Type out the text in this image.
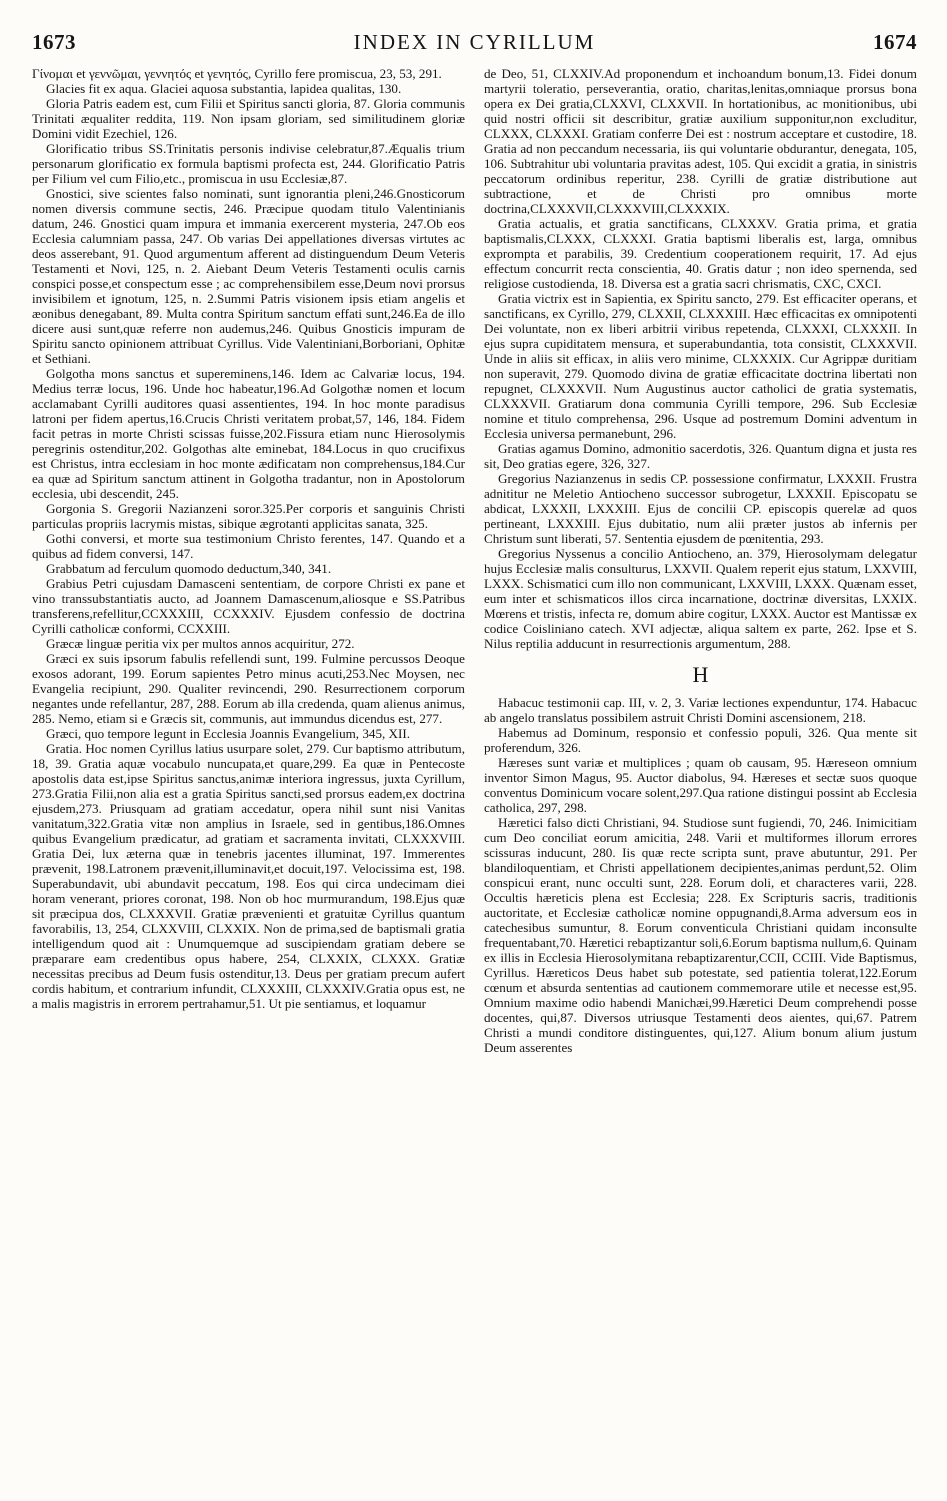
1673	INDEX IN CYRILLUM	1674

Γίνομαι et γεννῶμαι, γεννητός et γενητός, Cyrillo fere promiscua, 23, 53, 291.

Glacies fit ex aqua. Glaciei aquosa substantia, lapidea qualitas, 130.

Gloria Patris eadem est, cum Filii et Spiritus sancti gloria, 87. Gloria communis Trinitati æqualiter redditа, 119. Non ipsam gloriam, sed similitudinem gloriæ Domini vidit Ezechiel, 126.

Glorificatio tribus SS.Trinitatis personis indivise celebratur,87.Æqualis trium personarum glorificatio ex formula baptismi profecta est, 244. Glorificatio Patris per Filium vel cum Filio,etc., promiscua in usu Ecclesiæ,87.

Gnostici, sive scientes falso nominati, sunt ignorantia pleni,246.Gnosticorum nomen diversis commune sectis, 246. Præcipue quodam titulo Valentinianis datum, 246. Gnostici quam impura et immania exercerent mysteria, 247.Ob eos Ecclesia calumniam passa, 247. Ob varias Dei appellationes diversas virtutes ac deos asserebant, 91. Quod argumentum afferent ad distinguendum Deum Veteris Testamenti et Novi, 125, n. 2. Aiebant Deum Veteris Testamenti oculis carnis conspici posse,et conspectum esse ; ac comprehensibilem esse,Deum novi prorsus invisibilem et ignotum, 125, n. 2.Summi Patris visionem ipsis etiam angelis et æonibus denegabant, 89. Multa contra Spiritum sanctum effati sunt,246.Ea de illo dicere ausi sunt,quæ referre non audemus,246. Quibus Gnosticis impuram de Spiritu sancto opinionem attribuat Cyrillus. Vide Valentiniani,Borboriani, Ophitæ et Sethiani.

Golgotha mons sanctus et supereminens,146. Idem ac Calvariæ locus, 194. Medius terræ locus, 196. Unde hoc habeatur,196.Ad Golgothæ nomen et locum acclamabant Cyrilli auditores quasi assentientes, 194. In hoc monte paradisus latroni per fidem apertus,16.Crucis Christi veritatem probat,57, 146, 184. Fidem facit petras in morte Christi scissas fuisse,202.Fissura etiam nunc Hierosolymis peregrinis ostenditur,202. Golgothas alte eminebat, 184.Locus in quo crucifixus est Christus, intra ecclesiam in hoc monte ædificatam non comprehensus,184.Cur ea quæ ad Spiritum sanctum attinent in Golgotha tradantur, non in Apostolorum ecclesia, ubi descendit, 245.

Gorgonia S. Gregorii Nazianzeni soror.325.Per corporis et sanguinis Christi particulas propriis lacrymis mistas, sibique ægrotanti applicitas sanata, 325.

Gothi conversi, et morte sua testimonium Christo ferentes, 147. Quando et a quibus ad fidem conversi, 147.

Grabbatum ad ferculum quomodo deductum,340, 341.

Grabius Petri cujusdam Damasceni sententiam, de corpore Christi ex pane et vino transsubstantiatis aucto, ad Joannem Damascenum,aliosque e SS.Patribus transferens,refellitur,CCXXXIII, CCXXXIV. Ejusdem confessio de doctrina Cyrilli catholicæ conformi, CCXXIII.

Græcæ linguæ peritia vix per multos annos acquiritur, 272.

Græci ex suis ipsorum fabulis refellendi sunt, 199. Fulmine percussos Deoque exosos adorant, 199. Eorum sapientes Petro minus acuti,253.Nec Moysen, nec Evangelia recipiunt, 290. Qualiter revincendi, 290. Resurrectionem corporum negantes unde refellantur, 287, 288. Eorum ab illa credenda, quam alienus animus, 285. Nemo, etiam si e Græcis sit, communis, aut immundus dicendus est, 277.

Græci, quo tempore legunt in Ecclesia Joannis Evangelium, 345, XII.

Gratia. Hoc nomen Cyrillus latius usurpare solet, 279. Cur baptismo attributum, 18, 39. Gratia aquæ vocabulo nuncupata,et quare,299. Ea quæ in Pentecoste apostolis data est,ipse Spiritus sanctus,animæ interiora ingressus, juxta Cyrillum, 273.Gratia Filii,non alia est a gratia Spiritus sancti,sed prorsus eadem,ex doctrina ejusdem,273. Priusquam ad gratiam accedatur, opera nihil sunt nisi Vanitas vanitatum,322.Gratia vitæ non amplius in Israele, sed in gentibus,186.Omnes quibus Evangelium prædicatur, ad gratiam et sacramenta invitati, CLXXXVIII. Gratia Dei, lux æterna quæ in tenebris jacentes illuminat, 197. Immerentes prævenit, 198.Latronem prævenit,illuminavit,et docuit,197. Velocissima est, 198. Superabundavit, ubi abundavit peccatum, 198. Eos qui circa undecimam diei horam venerant, priores coronat, 198. Non ob hoc murmurandum, 198.Ejus quæ sit præcipua dos, CLXXXVII. Gratiæ prævenienti et gratuitæ Cyrillus quantum favorabilis, 13, 254, CLXXVIII, CLXXIX. Non de prima,sed de baptismali gratia intelligendum quod ait : Unumquemque ad suscipiendam gratiam debere se præparare eam credentibus opus habere, 254, CLXXIX, CLXXX. Gratiæ necessitas precibus ad Deum fusis ostenditur,13. Deus per gratiam precum aufert cordis habitum, et contrarium infundit, CLXXXIII, CLXXXIV.Gratia opus est, ne a malis magistris in errorem pertrahamur,51. Ut pie sentiamus, et loquamur

de Deo, 51, CLXXIV.Ad proponendum et inchoandum bonum,13. Fidei donum martyrii toleratio, perseverantia, oratio, charitas,lenitas,omniaque prorsus bona opera ex Dei gratia,CLXXVI, CLXXVII. In hortationibus, ac monitionibus, ubi quid nostri officii sit describitur, gratiæ auxilium supponitur,non excluditur, CLXXX, CLXXXI. Gratiam conferre Dei est : nostrum acceptare et custodire, 18. Gratia ad non peccandum necessaria, iis qui voluntarie obdurantur, denegata, 105, 106. Subtrahitur ubi voluntaria pravitas adest, 105. Qui excidit a gratia, in sinistris peccatorum ordinibus reperitur, 238. Cyrilli de gratiæ distributione aut subtractione, et de Christi pro omnibus morte doctrina,CLXXXVII,CLXXXVIII,CLXXXIX.

Gratia actualis, et gratia sanctificans, CLXXXV. Gratia prima, et gratia baptismalis,CLXXX, CLXXXI. Gratia baptismi liberalis est, larga, omnibus exprompta et parabilis, 39. Credentium cooperationem requirit, 17. Ad ejus effectum concurrit recta conscientia, 40. Gratis datur ; non ideo spernenda, sed religiose custodienda, 18. Diversa est a gratia sacri chrismatis, CXC, CXCI.

Gratia victrix est in Sapientia, ex Spiritu sancto, 279. Est efficaciter operans, et sanctificans, ex Cyrillo, 279, CLXXII, CLXXXIII. Hæc efficacitas ex omnipotenti Dei voluntate, non ex liberi arbitrii viribus repetenda, CLXXXI, CLXXXII. In ejus supra cupiditatem mensura, et superabundantia, tota consistit, CLXXXVII. Unde in aliis sit efficax, in aliis vero minime, CLXXXIX. Cur Agrippæ duritiam non superavit, 279. Quomodo divina de gratiæ efficacitate doctrina libertati non repugnet, CLXXXVII. Num Augustinus auctor catholici de gratia systematis, CLXXXVII. Gratiarum dona communia Cyrilli tempore, 296. Sub Ecclesiæ nomine et titulo comprehensa, 296. Usque ad postremum Domini adventum in Ecclesia universa permanebunt, 296.

Gratias agamus Domino, admonitio sacerdotis, 326. Quantum digna et justa res sit, Deo gratias egere, 326, 327.

Gregorius Nazianzenus in sedis CP. possessione confirmatur, LXXXII. Frustra adnititur ne Meletio Antiocheno successor subrogetur, LXXXII. Episcopatu se abdicat, LXXXII, LXXXIII. Ejus de concilii CP. episcopis querelæ ad quos pertineant, LXXXIII. Ejus dubitatio, num alii præter justos ab infernis per Christum sunt liberati, 57. Sententia ejusdem de pœnitentia, 293.

Gregorius Nyssenus a concilio Antiocheno, an. 379, Hierosolymam delegatur hujus Ecclesiæ malis consulturus, LXXVII. Qualem reperit ejus statum, LXXVIII, LXXX. Schismatici cum illo non communicant, LXXVIII, LXXX. Quænam esset, eum inter et schismaticos illos circa incarnatione, doctrinæ diversitas, LXXIX. Mœrens et tristis, infecta re, domum abire cogitur, LXXX. Auctor est Mantissæ ex codice Coisliniano catech. XVI adjectæ, aliqua saltem ex parte, 262. Ipse et S. Nilus reptilia adducunt in resurrectionis argumentum, 288.

H

Habacuc testimonii cap. III, v. 2, 3. Variæ lectiones expenduntur, 174. Habacuc ab angelo translatus possibilem astruit Christi Domini ascensionem, 218.

Habemus ad Dominum, responsio et confessio populi, 326. Qua mente sit proferendum, 326.

Hæreses sunt variæ et multiplices ; quam ob causam, 95. Hæreseon omnium inventor Simon Magus, 95. Auctor diabolus, 94. Hæreses et sectæ suos quoque conventus Dominicum vocare solent,297.Qua ratione distingui possint ab Ecclesia catholica, 297, 298.

Hæretici falso dicti Christiani, 94. Studiose sunt fugiendi, 70, 246. Inimicitiam cum Deo conciliat eorum amicitia, 248. Varii et multiformes illorum errores scissuras inducunt, 280. Iis quæ recte scripta sunt, prave abutuntur, 291. Per blandiloquentiam, et Christi appellationem decipientes,animas perdunt,52. Olim conspicui erant, nunc occulti sunt, 228. Eorum doli, et characteres varii, 228. Occultis hæreticis plena est Ecclesia; 228. Ex Scripturis sacris, traditionis auctoritate, et Ecclesiæ catholicæ nomine oppugnandi,8.Arma adversum eos in catechesibus sumuntur, 8. Eorum conventicula Christiani quidam inconsulte frequentabant,70. Hæretici rebaptizantur soli,6.Eorum baptisma nullum,6. Quinam ex illis in Ecclesia Hierosolymitana rebaptizarentur,CCII, CCIII. Vide Baptismus, Cyrillus. Hæreticos Deus habet sub potestate, sed patientia tolerat,122.Eorum cœnum et absurda sententias ad cautionem commemorare utile et necesse est,95. Omnium maxime odio habendi Manichæi,99.Hæretici Deum comprehendi posse docentes, qui,87. Diversos utriusque Testamenti deos aientes, qui,67. Patrem Christi a mundi conditore distinguentes, qui,127. Alium bonum alium justum Deum asserentes
